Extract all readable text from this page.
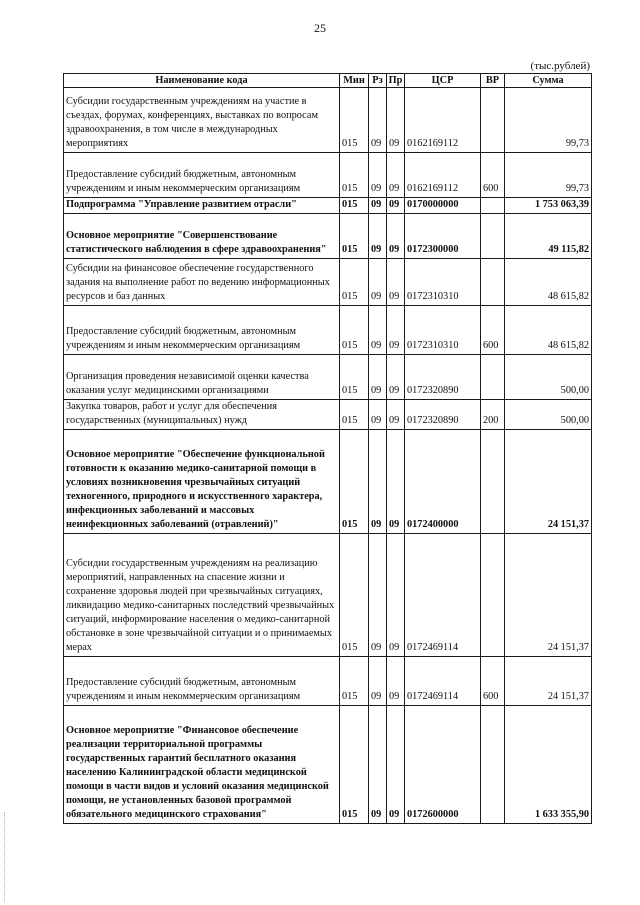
25
(тыс.рублей)
Наименование кода	Мин	Рз	Пр	ЦСР	ВР	Сумма
Субсидии государственным учреждениям на участие в съездах, форумах, конференциях, выставках по вопросам здравоохранения, в том числе в международных мероприятиях	015	09	09	0162169112		99,73
Предоставление субсидий бюджетным, автономным учреждениям и иным некоммерческим организациям	015	09	09	0162169112	600	99,73
Подпрограмма "Управление развитием отрасли"	015	09	09	0170000000		1 753 063,39
Основное мероприятие "Совершенствование статистического наблюдения в сфере здравоохранения"	015	09	09	0172300000		49 115,82
Субсидии на финансовое обеспечение государственного задания на выполнение работ по ведению информационных ресурсов и баз данных	015	09	09	0172310310		48 615,82
Предоставление субсидий бюджетным, автономным учреждениям и иным некоммерческим организациям	015	09	09	0172310310	600	48 615,82
Организация проведения независимой оценки качества оказания услуг медицинскими организациями	015	09	09	0172320890		500,00
Закупка товаров, работ и услуг для обеспечения государственных (муниципальных) нужд	015	09	09	0172320890	200	500,00
Основное мероприятие "Обеспечение функциональной готовности к оказанию медико-санитарной помощи в условиях возникновения чрезвычайных ситуаций техногенного, природного и искусственного характера, инфекционных заболеваний и массовых неинфекционных заболеваний (отравлений)"	015	09	09	0172400000		24 151,37
Субсидии государственным учреждениям на реализацию мероприятий, направленных на спасение жизни и сохранение здоровья людей при чрезвычайных ситуациях, ликвидацию медико-санитарных последствий чрезвычайных ситуаций, информирование населения о медико-санитарной обстановке в зоне чрезвычайной ситуации и о принимаемых мерах	015	09	09	0172469114		24 151,37
Предоставление субсидий бюджетным, автономным учреждениям и иным некоммерческим организациям	015	09	09	0172469114	600	24 151,37
Основное мероприятие "Финансовое обеспечение реализации территориальной программы государственных гарантий бесплатного оказания населению Калининградской области медицинской помощи в части видов и условий оказания медицинской помощи, не установленных базовой программой обязательного медицинского страхования"	015	09	09	0172600000		1 633 355,90
